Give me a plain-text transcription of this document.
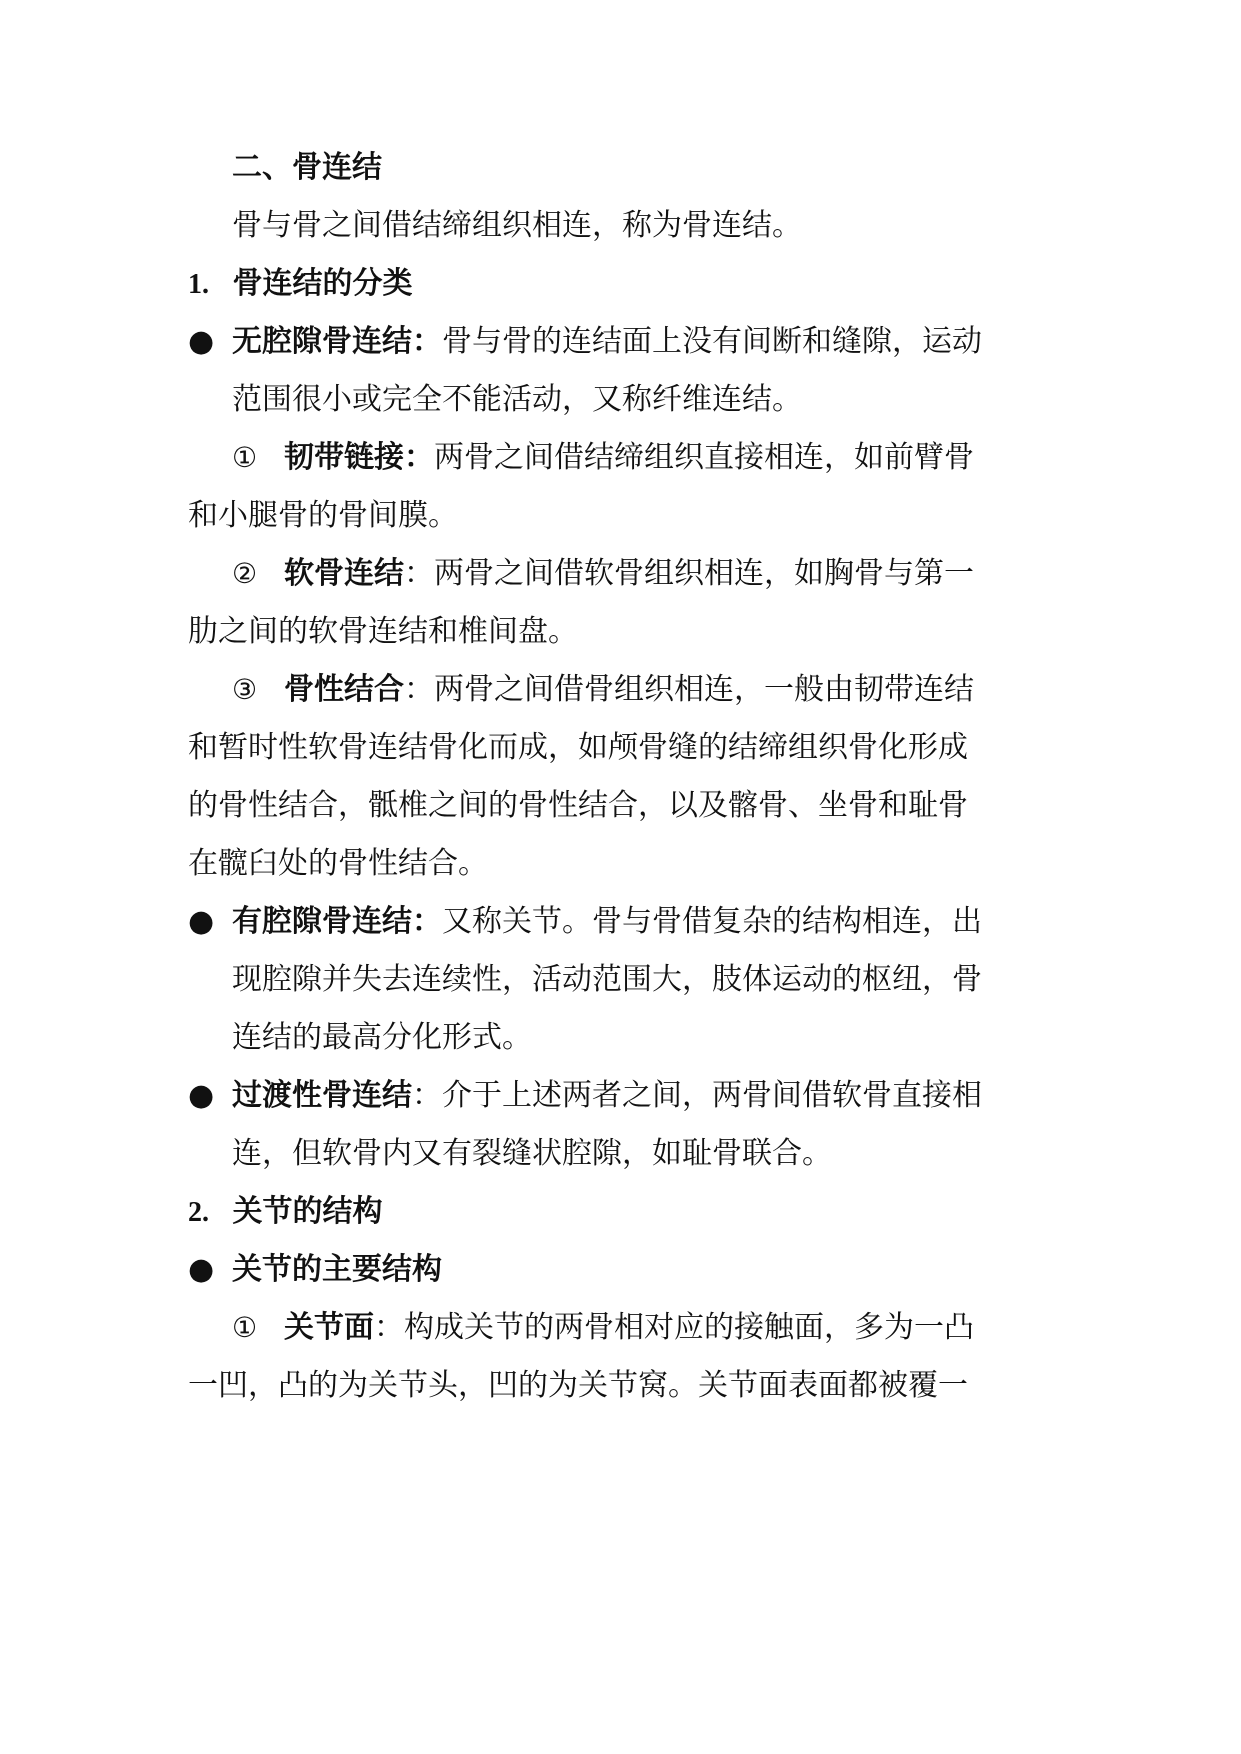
二、骨连结
骨与骨之间借结缔组织相连，称为骨连结。
1. 骨连结的分类
● 无腔隙骨连结：骨与骨的连结面上没有间断和缝隙，运动
范围很小或完全不能活动，又称纤维连结。
① 韧带链接：两骨之间借结缔组织直接相连，如前臂骨
和小腿骨的骨间膜。
② 软骨连结：两骨之间借软骨组织相连，如胸骨与第一
肋之间的软骨连结和椎间盘。
③ 骨性结合：两骨之间借骨组织相连，一般由韧带连结
和暂时性软骨连结骨化而成，如颅骨缝的结缔组织骨化形成
的骨性结合，骶椎之间的骨性结合，以及髂骨、坐骨和耻骨
在髋臼处的骨性结合。
● 有腔隙骨连结：又称关节。骨与骨借复杂的结构相连，出
现腔隙并失去连续性，活动范围大，肢体运动的枢纽，骨
连结的最高分化形式。
● 过渡性骨连结：介于上述两者之间，两骨间借软骨直接相
连，但软骨内又有裂缝状腔隙，如耻骨联合。
2. 关节的结构
● 关节的主要结构
① 关节面：构成关节的两骨相对应的接触面，多为一凸
一凹，凸的为关节头，凹的为关节窝。关节面表面都被覆一
